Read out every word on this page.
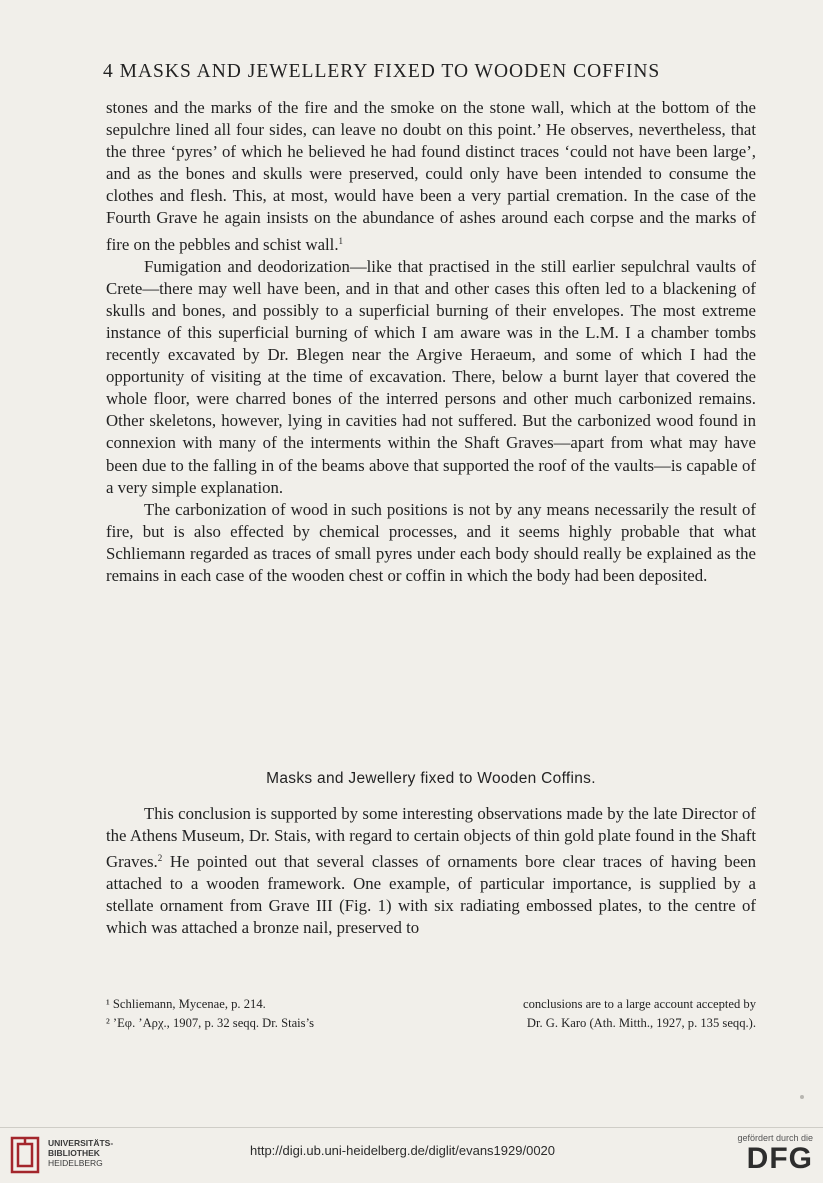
4 MASKS AND JEWELLERY FIXED TO WOODEN COFFINS

stones and the marks of the fire and the smoke on the stone wall, which at the bottom of the sepulchre lined all four sides, can leave no doubt on this point.’ He observes, nevertheless, that the three ‘pyres’ of which he believed he had found distinct traces ‘could not have been large’, and as the bones and skulls were preserved, could only have been intended to consume the clothes and flesh. This, at most, would have been a very partial cremation. In the case of the Fourth Grave he again insists on the abundance of ashes around each corpse and the marks of fire on the pebbles and schist wall.$^1$

Fumigation and deodorization—like that practised in the still earlier sepulchral vaults of Crete—there may well have been, and in that and other cases this often led to a blackening of skulls and bones, and possibly to a superficial burning of their envelopes. The most extreme instance of this superficial burning of which I am aware was in the L.M. I a chamber tombs recently excavated by Dr. Blegen near the Argive Heraeum, and some of which I had the opportunity of visiting at the time of excavation. There, below a burnt layer that covered the whole floor, were charred bones of the interred persons and other much carbonized remains. Other skeletons, however, lying in cavities had not suffered. But the carbonized wood found in connexion with many of the interments within the Shaft Graves—apart from what may have been due to the falling in of the beams above that supported the roof of the vaults—is capable of a very simple explanation.

The carbonization of wood in such positions is not by any means necessarily the result of fire, but is also effected by chemical processes, and it seems highly probable that what Schliemann regarded as traces of small pyres under each body should really be explained as the remains in each case of the wooden chest or coffin in which the body had been deposited.

Masks and Jewellery fixed to Wooden Coffins.

This conclusion is supported by some interesting observations made by the late Director of the Athens Museum, Dr. Stais, with regard to certain objects of thin gold plate found in the Shaft Graves.$^2$ He pointed out that several classes of ornaments bore clear traces of having been attached to a wooden framework. One example, of particular importance, is supplied by a stellate ornament from Grave III (Fig. 1) with six radiating embossed plates, to the centre of which was attached a bronze nail, preserved to

¹ Schliemann, Mycenae, p. 214.	conclusions are to a large account accepted by
² ’Εφ. ’Αρχ., 1907, p. 32 seqq. Dr. Stais’s	Dr. G. Karo (Ath. Mitth., 1927, p. 135 seqq.).
UNIVERSITÄTS-
BIBLIOTHEK
HEIDELBERG
http://digi.ub.uni-heidelberg.de/diglit/evans1929/0020
gefördert durch die
DFG
